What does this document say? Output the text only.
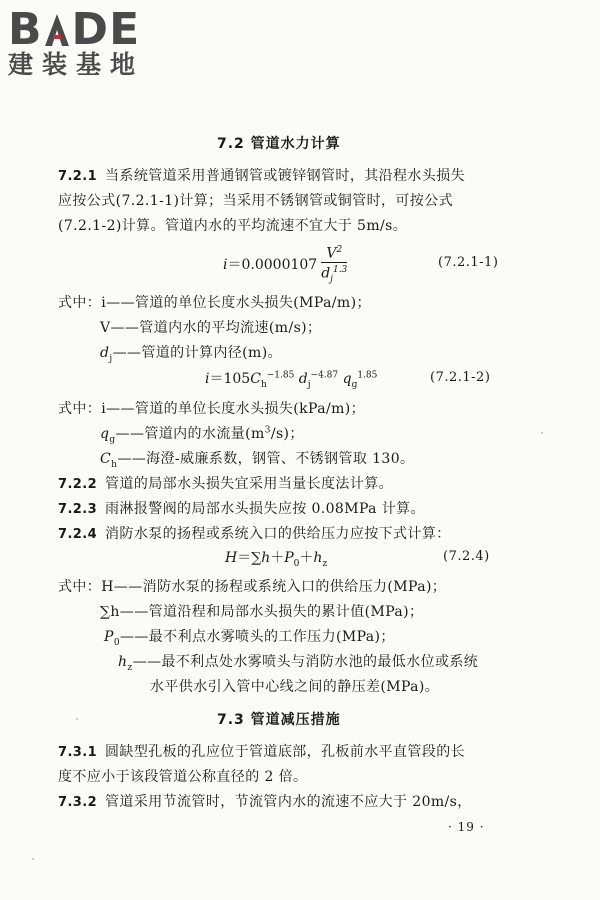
B DE
建装基地
7.2 管道水力计算
7.2.1 当系统管道采用普通钢管或镀锌钢管时，其沿程水头损失
应按公式(7.2.1-1)计算；当采用不锈钢管或铜管时，可按公式
(7.2.1-2)计算。管道内水的平均流速不宜大于 5m/s。
$i=0.0000107 \frac{V^2}{d_j^{1.3}}$	(7.2.1-1)
式中：i——管道的单位长度水头损失(MPa/m)；
V——管道内水的平均流速(m/s)；
$d_j——$管道的计算内径(m)。
$i=105C_h^{-1.85}$ $d_j^{-4.87}$ $q_g^{1.85}$	(7.2.1-2)
式中：i——管道的单位长度水头损失(kPa/m)；
$q_g——$管道内的水流量$(m^3/s)$；
$C_h——$海澄-威廉系数，钢管、不锈钢管取 130。
7.2.2 管道的局部水头损失宜采用当量长度法计算。
7.2.3 雨淋报警阀的局部水头损失应按 0.08MPa 计算。
7.2.4 消防水泵的扬程或系统入口的供给压力应按下式计算：
$H=\sum h+P_0+h_z$	(7.2.4)
式中：H——消防水泵的扬程或系统入口的供给压力(MPa)；
∑h——管道沿程和局部水头损失的累计值(MPa)；
$P_0——$最不利点水雾喷头的工作压力(MPa)；
$h_z——$最不利点处水雾喷头与消防水池的最低水位或系统
水平供水引入管中心线之间的静压差(MPa)。
7.3 管道减压措施
7.3.1 圆缺型孔板的孔应位于管道底部，孔板前水平直管段的长
度不应小于该段管道公称直径的 2 倍。
7.3.2 管道采用节流管时，节流管内水的流速不应大于 20m/s，
· 19 ·
